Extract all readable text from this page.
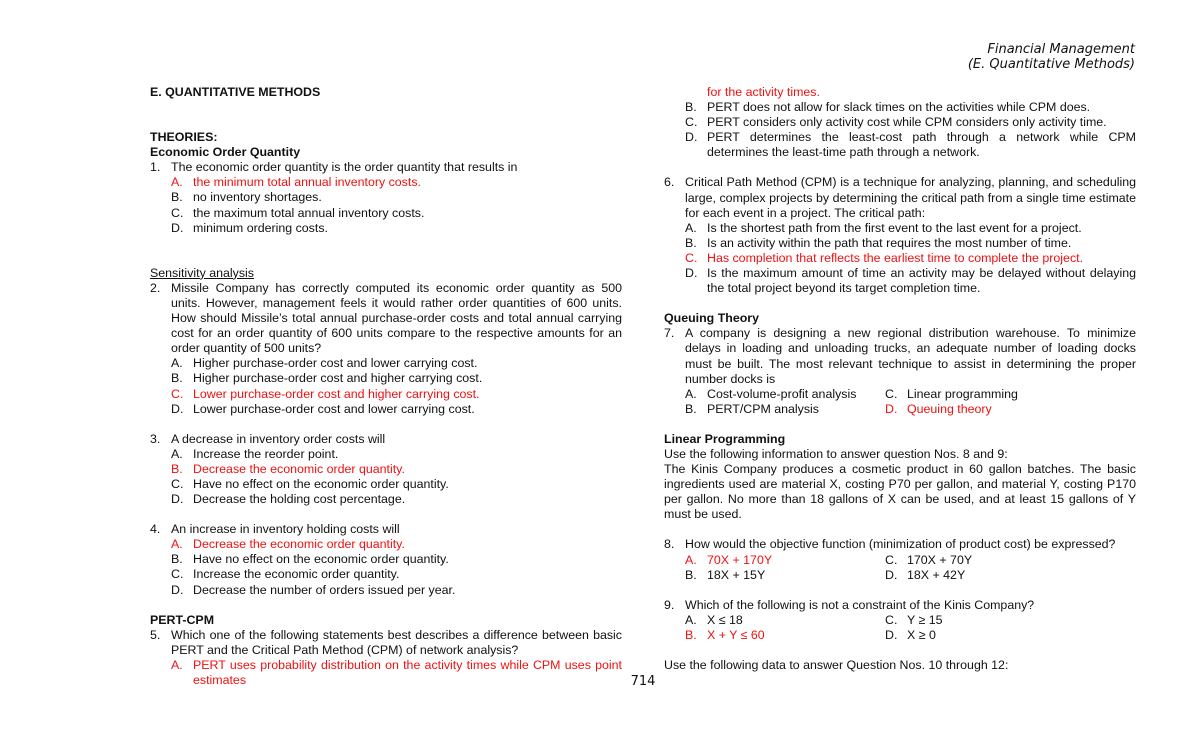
Financial Management
(E. Quantitative Methods)
E. QUANTITATIVE METHODS
THEORIES:
Economic Order Quantity
1. The economic order quantity is the order quantity that results in
A. the minimum total annual inventory costs.
B. no inventory shortages.
C. the maximum total annual inventory costs.
D. minimum ordering costs.
Sensitivity analysis
2. Missile Company has correctly computed its economic order quantity as 500 units. However, management feels it would rather order quantities of 600 units. How should Missile’s total annual purchase-order costs and total annual carrying cost for an order quantity of 600 units compare to the respective amounts for an order quantity of 500 units?
A. Higher purchase-order cost and lower carrying cost.
B. Higher purchase-order cost and higher carrying cost.
C. Lower purchase-order cost and higher carrying cost.
D. Lower purchase-order cost and lower carrying cost.
3. A decrease in inventory order costs will
A. Increase the reorder point.
B. Decrease the economic order quantity.
C. Have no effect on the economic order quantity.
D. Decrease the holding cost percentage.
4. An increase in inventory holding costs will
A. Decrease the economic order quantity.
B. Have no effect on the economic order quantity.
C. Increase the economic order quantity.
D. Decrease the number of orders issued per year.
PERT-CPM
5. Which one of the following statements best describes a difference between basic PERT and the Critical Path Method (CPM) of network analysis?
A. PERT uses probability distribution on the activity times while CPM uses point estimates
for the activity times.
B. PERT does not allow for slack times on the activities while CPM does.
C. PERT considers only activity cost while CPM considers only activity time.
D. PERT determines the least-cost path through a network while CPM determines the least-time path through a network.
6. Critical Path Method (CPM) is a technique for analyzing, planning, and scheduling large, complex projects by determining the critical path from a single time estimate for each event in a project. The critical path:
A. Is the shortest path from the first event to the last event for a project.
B. Is an activity within the path that requires the most number of time.
C. Has completion that reflects the earliest time to complete the project.
D. Is the maximum amount of time an activity may be delayed without delaying the total project beyond its target completion time.
Queuing Theory
7. A company is designing a new regional distribution warehouse. To minimize delays in loading and unloading trucks, an adequate number of loading docks must be built. The most relevant technique to assist in determining the proper number docks is
A. Cost-volume-profit analysis	C. Linear programming
B. PERT/CPM analysis	D. Queuing theory
Linear Programming
Use the following information to answer question Nos. 8 and 9:
The Kinis Company produces a cosmetic product in 60 gallon batches. The basic ingredients used are material X, costing P70 per gallon, and material Y, costing P170 per gallon. No more than 18 gallons of X can be used, and at least 15 gallons of Y must be used.
8. How would the objective function (minimization of product cost) be expressed?
A. 70X + 170Y	C. 170X + 70Y
B. 18X + 15Y	D. 18X + 42Y
9. Which of the following is not a constraint of the Kinis Company?
A. X ≤ 18	C. Y ≥ 15
B. X + Y ≤ 60	D. X ≥ 0
Use the following data to answer Question Nos. 10 through 12:
714
